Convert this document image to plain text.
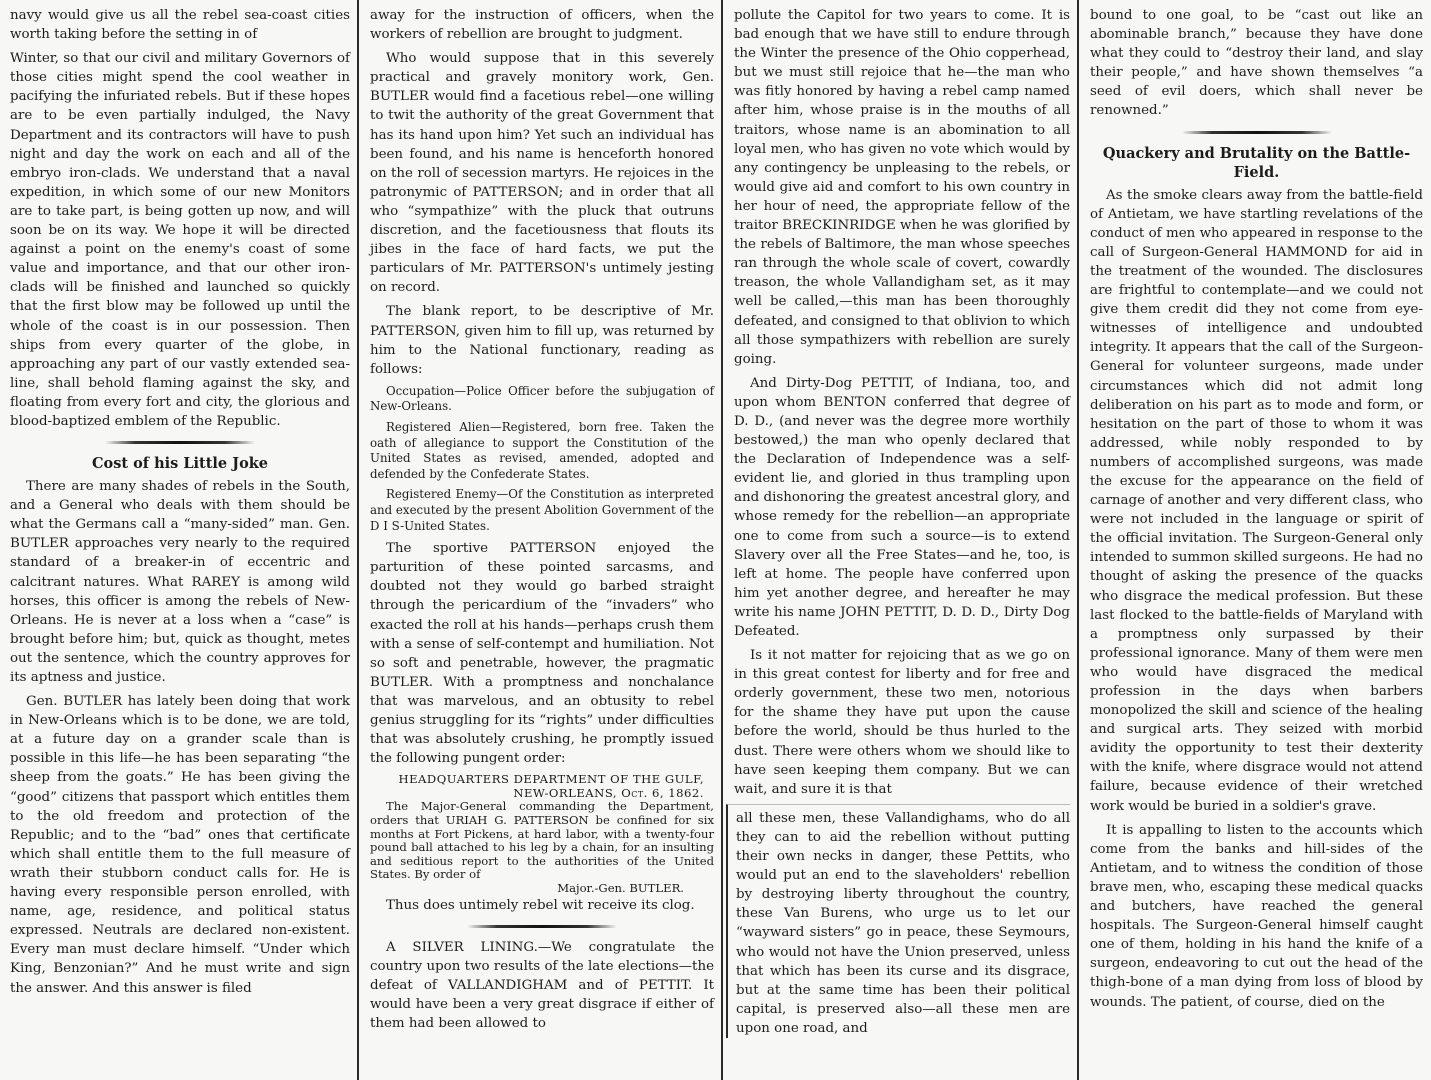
navy would give us all the rebel sea-coast cities worth taking before the setting in of

Winter, so that our civil and military Governors of those cities might spend the cool weather in pacifying the infuriated rebels. But if these hopes are to be even partially indulged, the Navy Department and its contractors will have to push night and day the work on each and all of the embryo iron-clads. We understand that a naval expedition, in which some of our new Monitors are to take part, is being gotten up now, and will soon be on its way. We hope it will be directed against a point on the enemy's coast of some value and importance, and that our other iron-clads will be finished and launched so quickly that the first blow may be followed up until the whole of the coast is in our possession. Then ships from every quarter of the globe, in approaching any part of our vastly extended sea-line, shall behold flaming against the sky, and floating from every fort and city, the glorious and blood-baptized emblem of the Republic.

Cost of his Little Joke

There are many shades of rebels in the South, and a General who deals with them should be what the Germans call a “many-sided” man. Gen. BUTLER approaches very nearly to the required standard of a breaker-in of eccentric and calcitrant natures. What RAREY is among wild horses, this officer is among the rebels of New-Orleans. He is never at a loss when a “case” is brought before him; but, quick as thought, metes out the sentence, which the country approves for its aptness and justice.

Gen. BUTLER has lately been doing that work in New-Orleans which is to be done, we are told, at a future day on a grander scale than is possible in this life—he has been separating “the sheep from the goats.” He has been giving the “good” citizens that passport which entitles them to the old freedom and protection of the Republic; and to the “bad” ones that certificate which shall entitle them to the full measure of wrath their stubborn conduct calls for. He is having every responsible person enrolled, with name, age, residence, and political status expressed. Neutrals are declared non-existent. Every man must declare himself. “Under which King, Benzonian?” And he must write and sign the answer. And this answer is filed

away for the instruction of officers, when the workers of rebellion are brought to judgment.

Who would suppose that in this severely practical and gravely monitory work, Gen. BUTLER would find a facetious rebel—one willing to twit the authority of the great Government that has its hand upon him? Yet such an individual has been found, and his name is henceforth honored on the roll of secession martyrs. He rejoices in the patronymic of PATTERSON; and in order that all who “sympathize” with the pluck that outruns discretion, and the facetiousness that flouts its jibes in the face of hard facts, we put the particulars of Mr. PATTERSON's untimely jesting on record.

The blank report, to be descriptive of Mr. PATTERSON, given him to fill up, was returned by him to the National functionary, reading as follows:

Occupation—Police Officer before the subjugation of New-Orleans.

Registered Alien—Registered, born free. Taken the oath of allegiance to support the Constitution of the United States as revised, amended, adopted and defended by the Confederate States.

Registered Enemy—Of the Constitution as interpreted and executed by the present Abolition Government of the D I S-United States.

The sportive PATTERSON enjoyed the parturition of these pointed sarcasms, and doubted not they would go barbed straight through the pericardium of the “invaders” who exacted the roll at his hands—perhaps crush them with a sense of self-contempt and humiliation. Not so soft and penetrable, however, the pragmatic BUTLER. With a promptness and nonchalance that was marvelous, and an obtusity to rebel genius struggling for its “rights” under difficulties that was absolutely crushing, he promptly issued the following pungent order:

HEADQUARTERS DEPARTMENT OF THE GULF,
NEW-ORLEANS, Oct. 6, 1862.
The Major-General commanding the Department, orders that URIAH G. PATTERSON be confined for six months at Fort Pickens, at hard labor, with a twenty-four pound ball attached to his leg by a chain, for an insulting and seditious report to the authorities of the United States. By order of
Major.-Gen. BUTLER.

Thus does untimely rebel wit receive its clog.

A SILVER LINING.—We congratulate the country upon two results of the late elections—the defeat of VALLANDIGHAM and of PETTIT. It would have been a very great disgrace if either of them had been allowed to

pollute the Capitol for two years to come. It is bad enough that we have still to endure through the Winter the presence of the Ohio copperhead, but we must still rejoice that he—the man who was fitly honored by having a rebel camp named after him, whose praise is in the mouths of all traitors, whose name is an abomination to all loyal men, who has given no vote which would by any contingency be unpleasing to the rebels, or would give aid and comfort to his own country in her hour of need, the appropriate fellow of the traitor BRECKINRIDGE when he was glorified by the rebels of Baltimore, the man whose speeches ran through the whole scale of covert, cowardly treason, the whole Vallandigham set, as it may well be called,—this man has been thoroughly defeated, and consigned to that oblivion to which all those sympathizers with rebellion are surely going.

And Dirty-Dog PETTIT, of Indiana, too, and upon whom BENTON conferred that degree of D. D., (and never was the degree more worthily bestowed,) the man who openly declared that the Declaration of Independence was a self-evident lie, and gloried in thus trampling upon and dishonoring the greatest ancestral glory, and whose remedy for the rebellion—an appropriate one to come from such a source—is to extend Slavery over all the Free States—and he, too, is left at home. The people have conferred upon him yet another degree, and hereafter he may write his name JOHN PETTIT, D. D. D., Dirty Dog Defeated.

Is it not matter for rejoicing that as we go on in this great contest for liberty and for free and orderly government, these two men, notorious for the shame they have put upon the cause before the world, should be thus hurled to the dust. There were others whom we should like to have seen keeping them company. But we can wait, and sure it is that

all these men, these Vallandighams, who do all they can to aid the rebellion without putting their own necks in danger, these Pettits, who would put an end to the slaveholders' rebellion by destroying liberty throughout the country, these Van Burens, who urge us to let our “wayward sisters” go in peace, these Seymours, who would not have the Union preserved, unless that which has been its curse and its disgrace, but at the same time has been their political capital, is preserved also—all these men are upon one road, and

bound to one goal, to be “cast out like an abominable branch,” because they have done what they could to “destroy their land, and slay their people,” and have shown themselves “a seed of evil doers, which shall never be renowned.”

Quackery and Brutality on the Battle-Field.

As the smoke clears away from the battle-field of Antietam, we have startling revelations of the conduct of men who appeared in response to the call of Surgeon-General HAMMOND for aid in the treatment of the wounded. The disclosures are frightful to contemplate—and we could not give them credit did they not come from eye-witnesses of intelligence and undoubted integrity. It appears that the call of the Surgeon-General for volunteer surgeons, made under circumstances which did not admit long deliberation on his part as to mode and form, or hesitation on the part of those to whom it was addressed, while nobly responded to by numbers of accomplished surgeons, was made the excuse for the appearance on the field of carnage of another and very different class, who were not included in the language or spirit of the official invitation. The Surgeon-General only intended to summon skilled surgeons. He had no thought of asking the presence of the quacks who disgrace the medical profession. But these last flocked to the battle-fields of Maryland with a promptness only surpassed by their professional ignorance. Many of them were men who would have disgraced the medical profession in the days when barbers monopolized the skill and science of the healing and surgical arts. They seized with morbid avidity the opportunity to test their dexterity with the knife, where disgrace would not attend failure, because evidence of their wretched work would be buried in a soldier's grave.

It is appalling to listen to the accounts which come from the banks and hill-sides of the Antietam, and to witness the condition of those brave men, who, escaping these medical quacks and butchers, have reached the general hospitals. The Surgeon-General himself caught one of them, holding in his hand the knife of a surgeon, endeavoring to cut out the head of the thigh-bone of a man dying from loss of blood by wounds. The patient, of course, died on the
